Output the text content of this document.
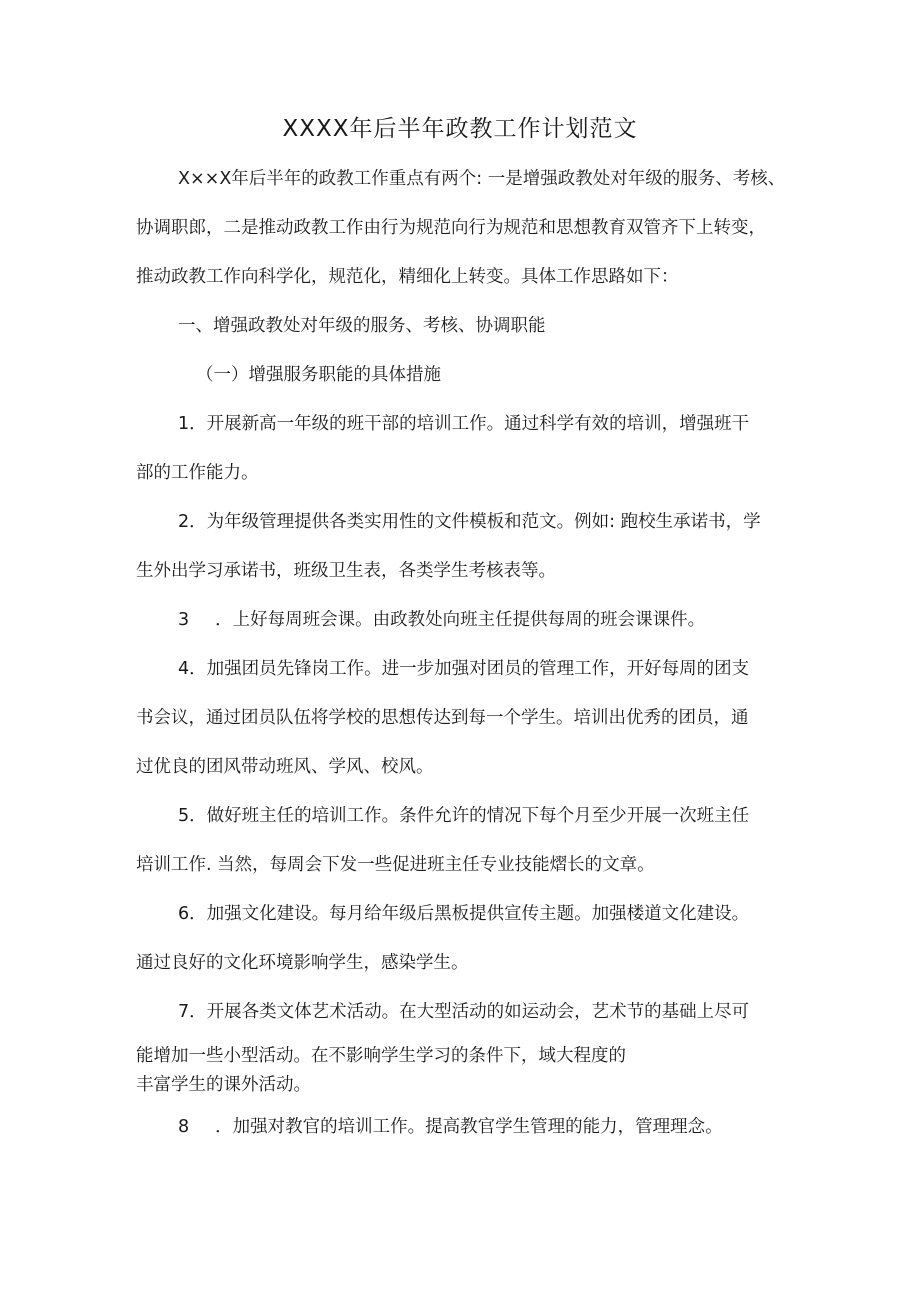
XXXX年后半年政教工作计划范文
X××X年后半年的政教工作重点有两个: 一是增强政教处对年级的服务、考核、
协调职郎，二是推动政教工作由行为规范向行为规范和思想教育双管齐下上转变，
推动政教工作向科学化，规范化，精细化上转变。具体工作思路如下：
一、增强政教处对年级的服务、考核、协调职能
（一）增强服务职能的具体措施
1．开展新高一年级的班干部的培训工作。通过科学有效的培训，增强班干
部的工作能力。
2．为年级管理提供各类实用性的文件模板和范文。例如: 跑校生承诺书，学
生外出学习承诺书，班级卫生表，各类学生考核表等。
3 ．上好每周班会课。由政教处向班主任提供每周的班会课课件。
4．加强团员先锋岗工作。进一步加强对团员的管理工作，开好每周的团支
书会议，通过团员队伍将学校的思想传达到每一个学生。培训出优秀的团员，通
过优良的团风带动班风、学风、校风。
5．做好班主任的培训工作。条件允许的情况下每个月至少开展一次班主任
培训工作. 当然，每周会下发一些促进班主任专业技能熠长的文章。
6．加强文化建设。每月给年级后黑板提供宣传主题。加强楼道文化建设。
通过良好的文化环境影响学生，感染学生。
7．开展各类文体艺术活动。在大型活动的如运动会，艺术节的基础上尽可
能增加一些小型活动。在不影响学生学习的条件下，域大程度的
丰富学生的课外活动。
8 ．加强对教官的培训工作。提高教官学生管理的能力，管理理念。
